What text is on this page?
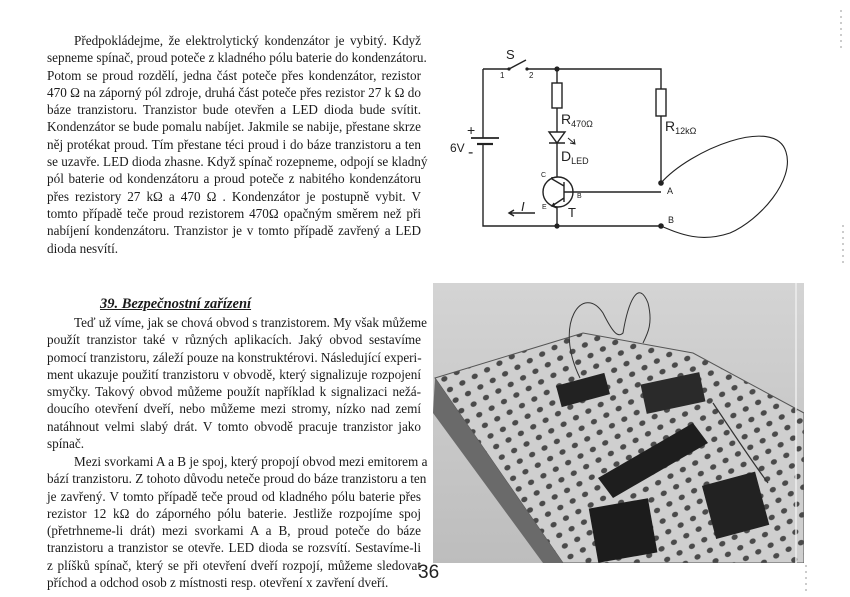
Předpokládejme, že elektrolytický kondenzátor je vybitý. Když
sepneme spínač, proud poteče z kladného pólu baterie do kondenzátoru.
Potom se proud rozdělí, jedna část poteče přes kondenzátor, rezistor
470 Ω na záporný pól zdroje, druhá část poteče přes rezistor 27 k Ω do
báze tranzistoru. Tranzistor bude otevřen a LED dioda bude svítit.
Kondenzátor se bude pomalu nabíjet. Jakmile se nabije, přestane skrze
něj protékat proud. Tím přestane téci proud i do báze tranzistoru a ten
se uzavře. LED dioda zhasne. Když spínač rozepneme, odpojí se kladný
pól baterie od kondenzátoru a proud poteče z nabitého kondenzátoru
přes rezistory 27 kΩ a 470 Ω . Kondenzátor je postupně vybit. V
tomto případě teče proud rezistorem 470Ω opačným směrem než při
nabíjení kondenzátoru. Tranzistor je v tomto případě zavřený a LED
dioda nesvítí.
S
1	2
+
-
6V
$R_{470\Omega}$	$R_{12k\Omega}$
$D_{LED}$
C
B
E T
A
B
I
39. Bezpečnostní zařízení
Teď už víme, jak se chová obvod s tranzistorem. My však můžeme
použít tranzistor také v různých aplikacích. Jaký obvod sestavíme
pomocí tranzistoru, záleží pouze na konstruktérovi. Následující experi-
ment ukazuje použití tranzistoru v obvodě, který signalizuje rozpojení
smyčky. Takový obvod můžeme použít například k signalizaci nežá-
doucího otevření dveří, nebo můžeme mezi stromy, nízko nad zemí
natáhnout velmi slabý drát. V tomto obvodě pracuje tranzistor jako
spínač.
Mezi svorkami A a B je spoj, který propojí obvod mezi emitorem a
bází tranzistoru. Z tohoto důvodu neteče proud do báze tranzistoru a ten
je zavřený. V tomto případě teče proud od kladného pólu baterie přes
rezistor 12 kΩ do záporného pólu baterie. Jestliže rozpojíme spoj
(přetrhneme-li drát) mezi svorkami A a B, proud poteče do báze
tranzistoru a tranzistor se otevře. LED dioda se rozsvítí. Sestavíme-li
z plíšků spínač, který se při otevření dveří rozpojí, můžeme sledovat
příchod a odchod osob z místnosti resp. otevření x zavření dveří.	36
